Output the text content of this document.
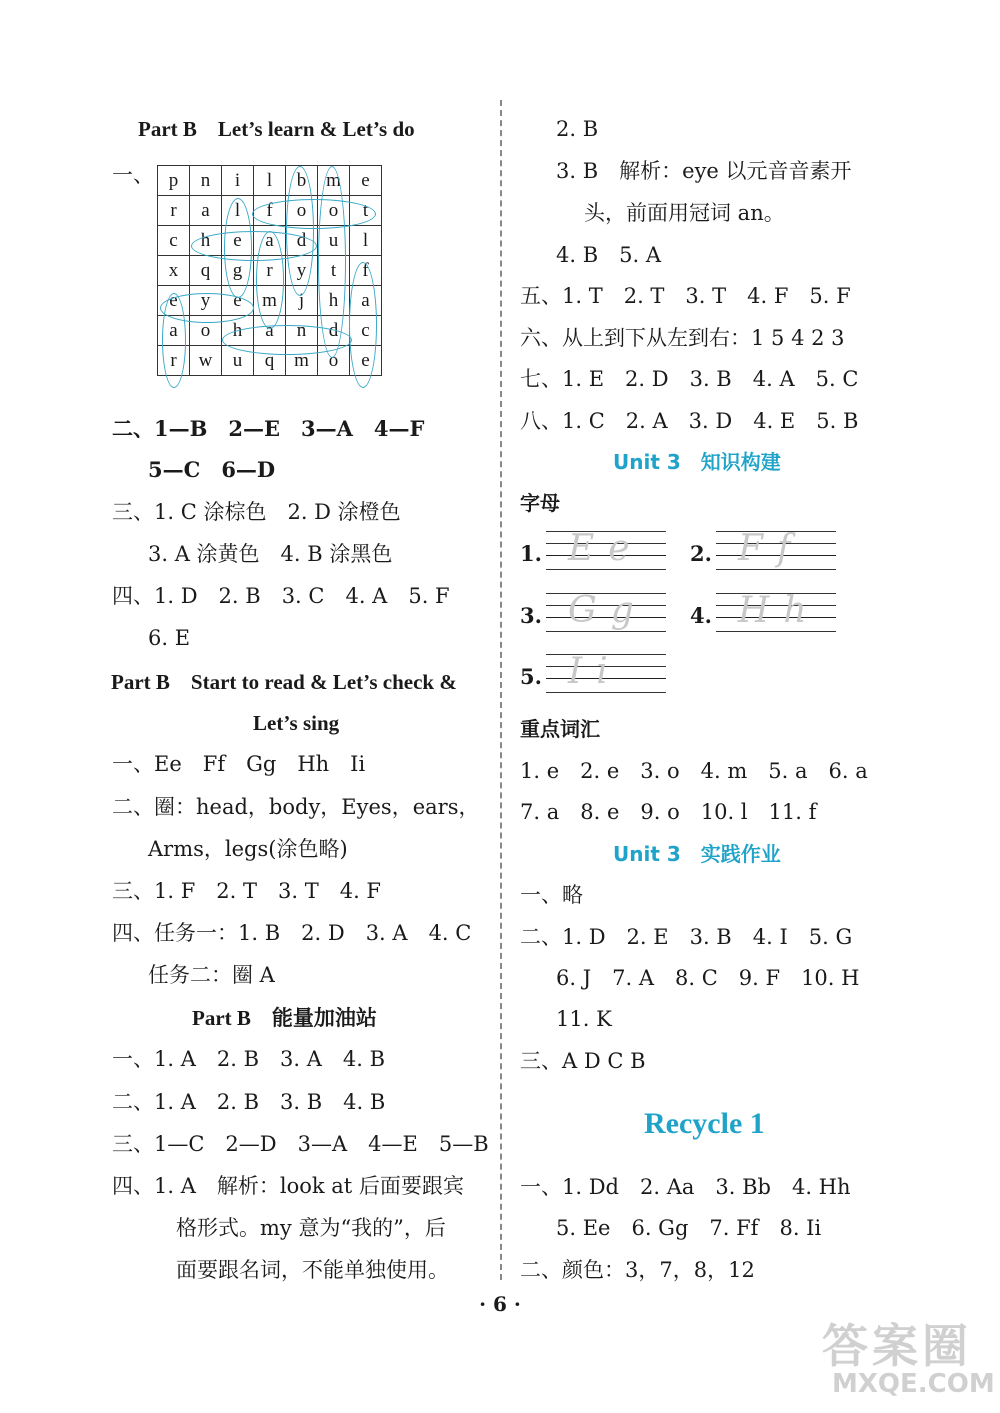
Part B　Let’s learn & Let’s do
一、 p	n	i	l	b	m	e
r	a	l	f	o	o	t
c	h	e	a	d	u	l
x	q	g	r	y	t	f
e	y	e	m	j	h	a
a	o	h	a	n	d	c
r	w	u	q	m	o	e
二、1—B　2—E　3—A　4—F
5—C　6—D
三、1. C 涂棕色　2. D 涂橙色
3. A 涂黄色　4. B 涂黑色
四、1. D　2. B　3. C　4. A　5. F
6. E
Part B　Start to read & Let’s check &
Let’s sing
一、Ee　Ff　Gg　Hh　Ii
二、圈：head，body，Eyes，ears，
Arms，legs(涂色略)
三、1. F　2. T　3. T　4. F
四、任务一：1. B　2. D　3. A　4. C
任务二：圈 A
Part B　能量加油站
一、1. A　2. B　3. A　4. B
二、1. A　2. B　3. B　4. B
三、1—C　2—D　3—A　4—E　5—B
四、1. A　解析：look at 后面要跟宾
格形式。my 意为“我的”，后
面要跟名词，不能单独使用。
2. B
3. B　解析：eye 以元音音素开
头，前面用冠词 an。
4. B　5. A
五、1. T　2. T　3. T　4. F　5. F
六、从上到下从左到右：1 5 4 2 3
七、1. E　2. D　3. B　4. A　5. C
八、1. C　2. A　3. D　4. E　5. B
Unit 3　知识构建
字母
1. Ee 2. Ff
3. Gg 4. Hh
5. Ii
重点词汇
1. e　2. e　3. o　4. m　5. a　6. a
7. a　8. e　9. o　10. l　11. f
Unit 3　实践作业
一、略
二、1. D　2. E　3. B　4. I　5. G
6. J　7. A　8. C　9. F　10. H
11. K
三、A D C B
Recycle 1
一、1. Dd　2. Aa　3. Bb　4. Hh
5. Ee　6. Gg　7. Ff　8. Ii
二、颜色：3，7，8，12
· 6 ·
答案圈
MXQE.COM
